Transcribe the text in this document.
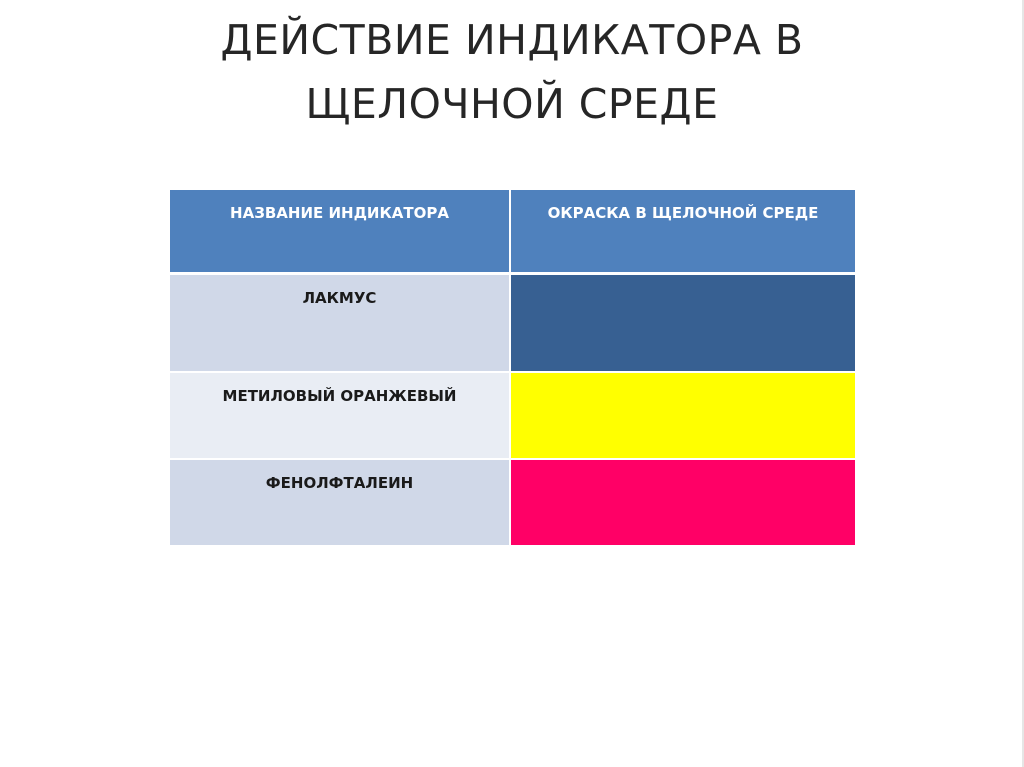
ДЕЙСТВИЕ ИНДИКАТОРА В ЩЕЛОЧНОЙ СРЕДЕ
НАЗВАНИЕ ИНДИКАТОРА	ОКРАСКА В ЩЕЛОЧНОЙ СРЕДЕ
ЛАКМУС	
МЕТИЛОВЫЙ ОРАНЖЕВЫЙ	
ФЕНОЛФТАЛЕИН	
